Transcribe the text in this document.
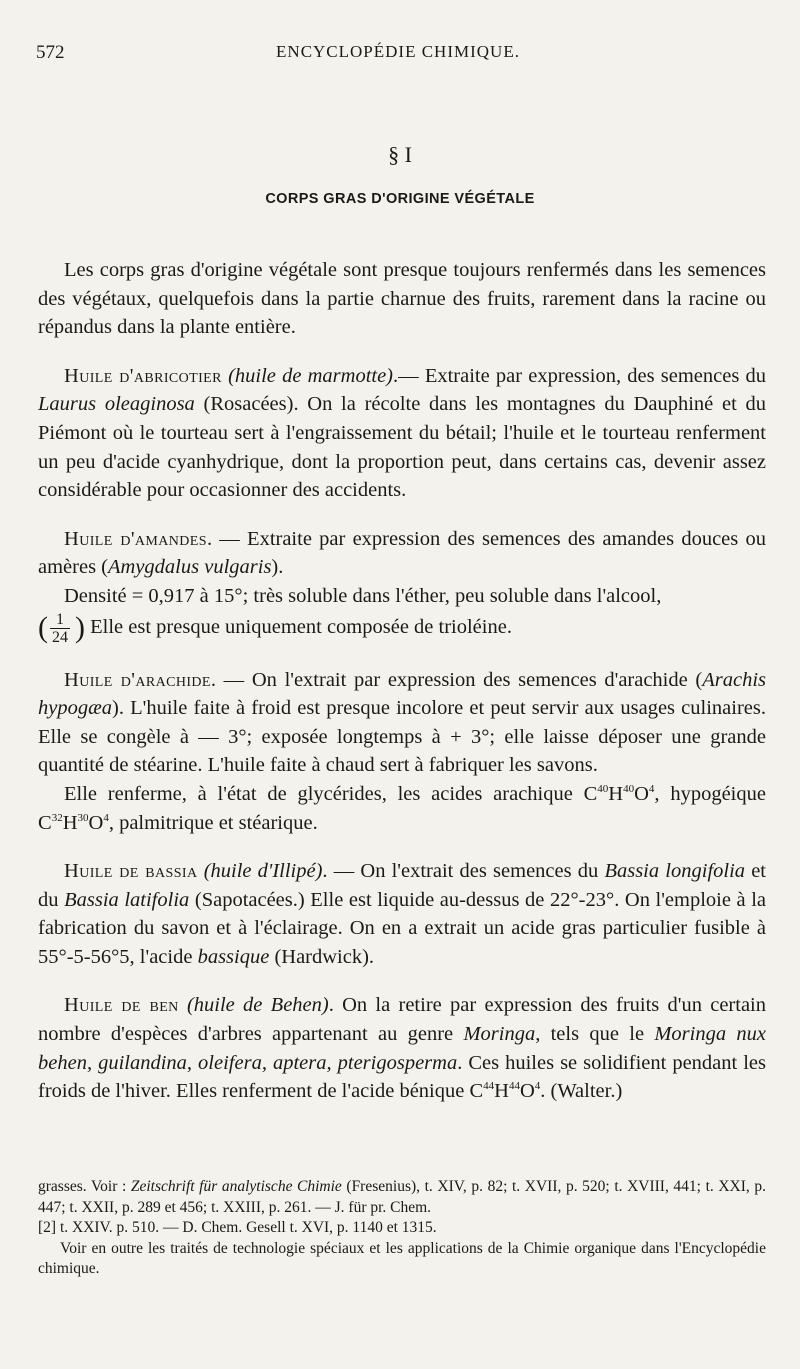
572	ENCYCLOPÉDIE CHIMIQUE.
§ I
CORPS GRAS D'ORIGINE VÉGÉTALE

Les corps gras d'origine végétale sont presque toujours renfermés dans les semences des végétaux, quelquefois dans la partie charnue des fruits, rarement dans la racine ou répandus dans la plante entière.

Huile d'abricotier (huile de marmotte).— Extraite par expression, des semences du Laurus oleaginosa (Rosacées). On la récolte dans les montagnes du Dauphiné et du Piémont où le tourteau sert à l'engraissement du bétail; l'huile et le tourteau renferment un peu d'acide cyanhydrique, dont la proportion peut, dans certains cas, devenir assez considérable pour occasionner des accidents.

Huile d'amandes. — Extraite par expression des semences des amandes douces ou amères (Amygdalus vulgaris).

Densité = 0,917 à 15°; très soluble dans l'éther, peu soluble dans l'alcool,

( $\frac{1}{24}$ ) Elle est presque uniquement composée de trioléine.

Huile d'arachide. — On l'extrait par expression des semences d'arachide (Arachis hypogæa). L'huile faite à froid est presque incolore et peut servir aux usages culinaires. Elle se congèle à — 3°; exposée longtemps à + 3°; elle laisse déposer une grande quantité de stéarine. L'huile faite à chaud sert à fabriquer les savons.

Elle renferme, à l'état de glycérides, les acides arachique $C^{40}H^{40}O^4$, hypogéique $C^{32}H^{30}O^4$, palmitrique et stéarique.

Huile de bassia (huile d'Illipé). — On l'extrait des semences du Bassia longifolia et du Bassia latifolia (Sapotacées.) Elle est liquide au-dessus de 22°-23°. On l'emploie à la fabrication du savon et à l'éclairage. On en a extrait un acide gras particulier fusible à 55°-5-56°5, l'acide bassique (Hardwick).

Huile de ben (huile de Behen). On la retire par expression des fruits d'un certain nombre d'espèces d'arbres appartenant au genre Moringa, tels que le Moringa nux behen, guilandina, oleifera, aptera, pterigosperma. Ces huiles se solidifient pendant les froids de l'hiver. Elles renferment de l'acide bénique $C^{44}H^{44}O^4$. (Walter.)

grasses. Voir : Zeitschrift für analytische Chimie (Fresenius), t. XIV, p. 82; t. XVII, p. 520; t. XVIII, 441; t. XXI, p. 447; t. XXII, p. 289 et 456; t. XXIII, p. 261. — J. für pr. Chem.

[2] t. XXIV. p. 510. — D. Chem. Gesell t. XVI, p. 1140 et 1315.

Voir en outre les traités de technologie spéciaux et les applications de la Chimie organique dans l'Encyclopédie chimique.
